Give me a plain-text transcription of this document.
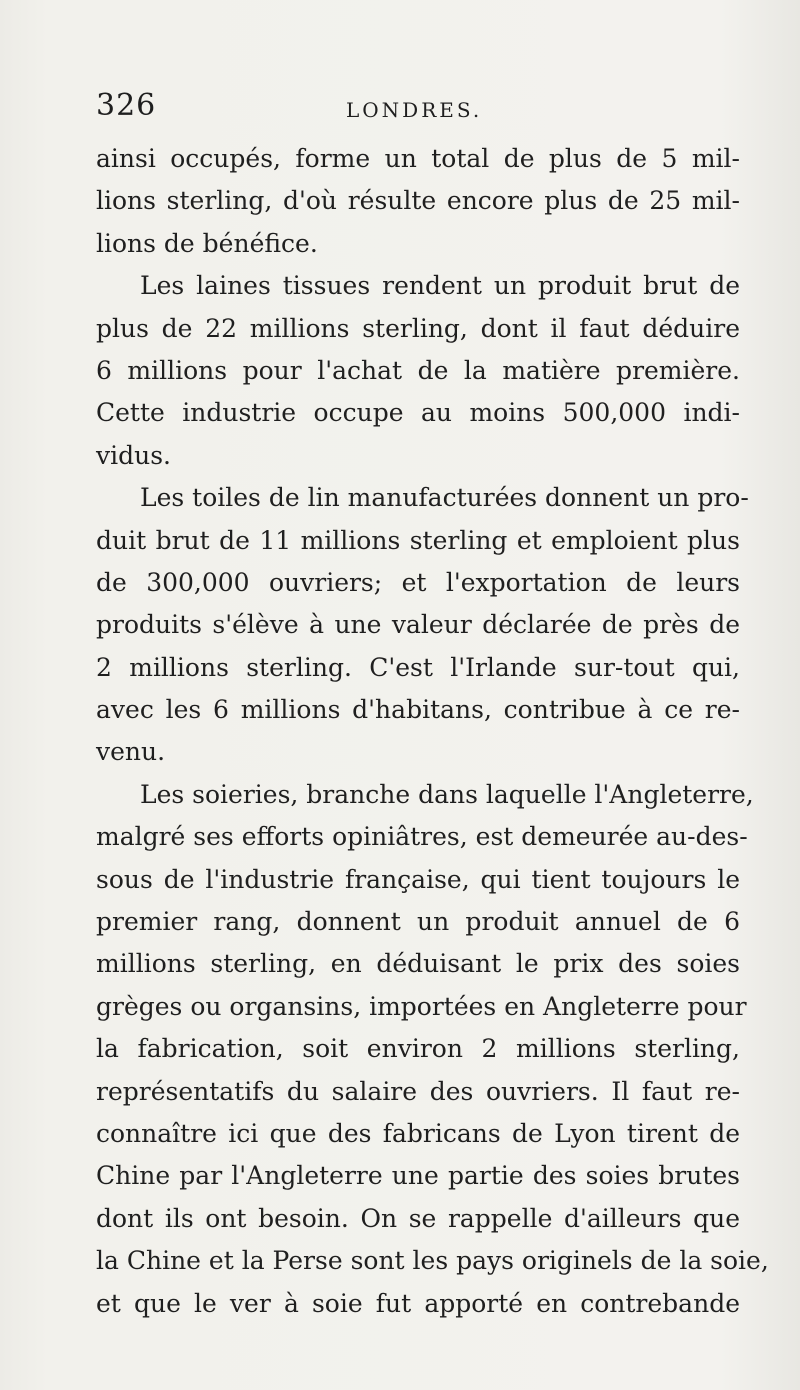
326	LONDRES.
ainsi occupés, forme un total de plus de 5 mil-
lions sterling, d'où résulte encore plus de 25 mil-
lions de bénéfice.
Les laines tissues rendent un produit brut de
plus de 22 millions sterling, dont il faut déduire
6 millions pour l'achat de la matière première.
Cette industrie occupe au moins 500,000 indi-
vidus.
Les toiles de lin manufacturées donnent un pro-
duit brut de 11 millions sterling et emploient plus
de 300,000 ouvriers; et l'exportation de leurs
produits s'élève à une valeur déclarée de près de
2 millions sterling. C'est l'Irlande sur-tout qui,
avec les 6 millions d'habitans, contribue à ce re-
venu.
Les soieries, branche dans laquelle l'Angleterre,
malgré ses efforts opiniâtres, est demeurée au-des-
sous de l'industrie française, qui tient toujours le
premier rang, donnent un produit annuel de 6
millions sterling, en déduisant le prix des soies
grèges ou organsins, importées en Angleterre pour
la fabrication, soit environ 2 millions sterling,
représentatifs du salaire des ouvriers. Il faut re-
connaître ici que des fabricans de Lyon tirent de
Chine par l'Angleterre une partie des soies brutes
dont ils ont besoin. On se rappelle d'ailleurs que
la Chine et la Perse sont les pays originels de la soie,
et que le ver à soie fut apporté en contrebande
